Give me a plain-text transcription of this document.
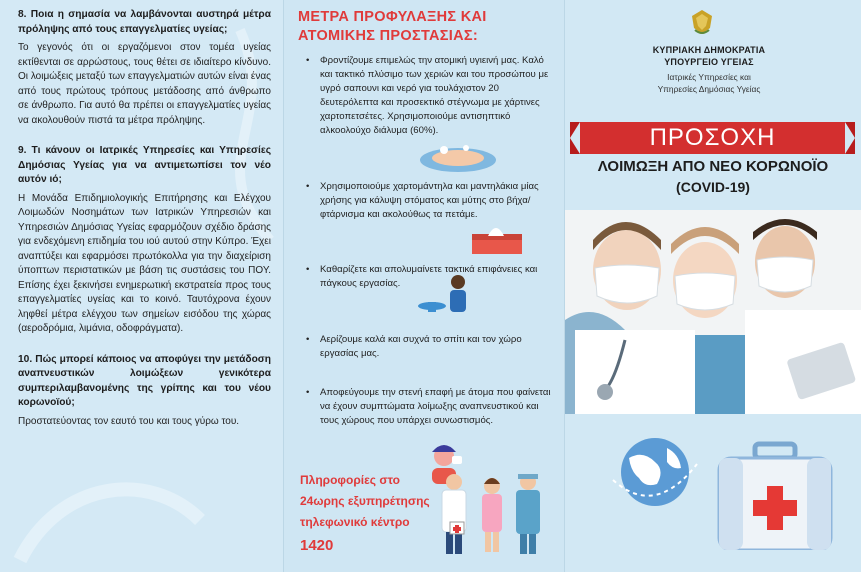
8. Ποια η σημασία να λαμβάνονται αυστηρά μέτρα πρόληψης από τους επαγγελματίες υγείας;
Το γεγονός ότι οι εργαζόμενοι στον τομέα υγείας εκτίθενται σε αρρώστους, τους θέτει σε ιδιαίτερο κίνδυνο. Οι λοιμώξεις μεταξύ των επαγγελματιών αυτών είναι ένας από τους πρώτους τρόπους μετάδοσης από άνθρωπο σε άνθρωπο. Για αυτό θα πρέπει οι επαγγελματίες υγείας να ακολουθούν πιστά τα μέτρα πρόληψης.
9. Τι κάνουν οι Ιατρικές Υπηρεσίες και Υπηρεσίες Δημόσιας Υγείας για να αντιμετωπίσει τον νέο αυτόν ιό;
Η Μονάδα Επιδημιολογικής Επιτήρησης και Ελέγχου Λοιμωδών Νοσημάτων των Ιατρικών Υπηρεσιών και Υπηρεσιών Δημόσιας Υγείας εφαρμόζουν σχέδιο δράσης για ενδεχόμενη επιδημία του ιού αυτού στην Κύπρο. Έχει αναπτύξει και εφαρμόσει πρωτόκολλα για την διαχείριση ύποπτων περιστατικών με βάση τις συστάσεις του ΠΟΥ. Επίσης έχει ξεκινήσει ενημερωτική εκστρατεία προς τους επαγγελματίες υγείας και το κοινό. Ταυτόχρονα έχουν ληφθεί μέτρα ελέγχου των σημείων εισόδου της χώρας (αεροδρόμια, λιμάνια, οδοφράγματα).
10. Πώς μπορεί κάποιος να αποφύγει την μετάδοση αναπνευστικών λοιμώξεων γενικότερα συμπεριλαμβανομένης της γρίπης και του νέου κορωνοϊού;
Προστατεύοντας τον εαυτό του και τους γύρω του.
ΜΕΤΡΑ ΠΡΟΦΥΛΑΞΗΣ ΚΑΙ ΑΤΟΜΙΚΗΣ ΠΡΟΣΤΑΣΙΑΣ:
• Φροντίζουμε επιμελώς την ατομική υγιεινή μας. Καλό και τακτικό πλύσιμο των χεριών και του προσώπου με υγρό σαπουνι και νερό για τουλάχιστον 20 δευτερόλεπτα και προσεκτικό στέγνωμα με χάρτινες χαρτοπετσέτες. Χρησιμοποιούμε αντισηπτικό αλκοολούχο διάλυμα (60%).
• Χρησιμοποιούμε χαρτομάντηλα και μαντηλάκια μίας χρήσης για κάλυψη στόματος και μύτης στο βήχα/φτάρνισμα και ακολούθως τα πετάμε.
• Καθαρίζετε και απολυμαίνετε τακτικά επιφάνειες και πάγκους εργασίας.
• Αερίζουμε καλά και συχνά το σπίτι και τον χώρο εργασίας μας.
• Αποφεύγουμε την στενή επαφή με άτομα που φαίνεται να έχουν συμπτώματα λοίμωξης αναπνευστικού και τους χώρους που υπάρχει συνωστισμός.
Πληροφορίες στο
24ωρης εξυπηρέτησης
τηλεφωνικό κέντρο
1420
ΚΥΠΡΙΑΚΗ ΔΗΜΟΚΡΑΤΙΑ
ΥΠΟΥΡΓΕΙΟ ΥΓΕΙΑΣ
Ιατρικές Υπηρεσίες και
Υπηρεσίες Δημόσιας Υγείας
ΠΡΟΣΟΧΗ
ΛΟΙΜΩΞΗ ΑΠΟ ΝΕΟ ΚΟΡΩΝΟΪΟ
(COVID-19)
